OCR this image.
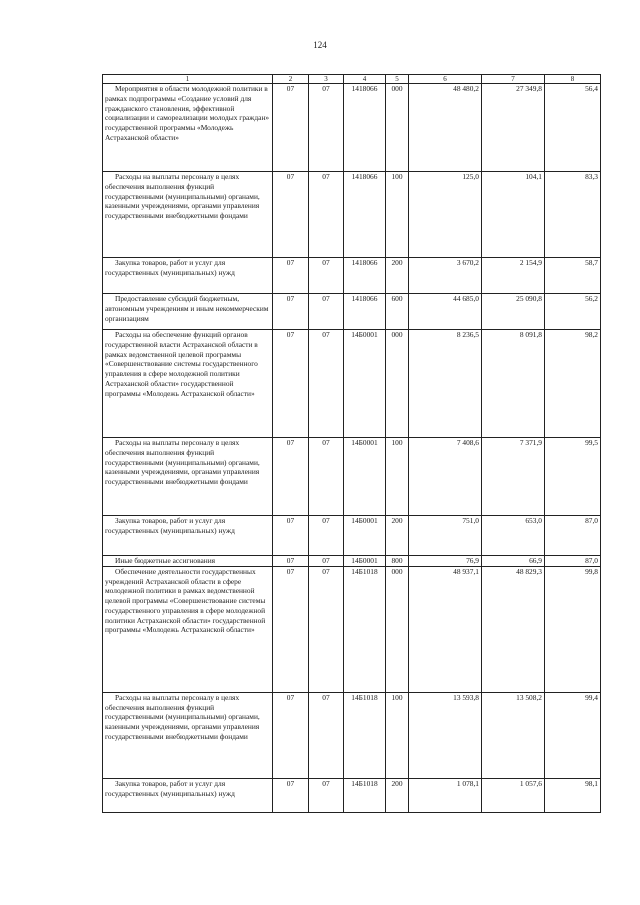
124
1	2	3	4	5	6	7	8
Мероприятия в области молодежной политики в рамках подпрограммы «Создание условий для гражданского становления, эффективной социализации и самореализации молодых граждан» государственной программы «Молодежь Астраханской области»	07	07	1418066	000	48 480,2	27 349,8	56,4
Расходы на выплаты персоналу в целях обеспечения выполнения функций государственными (муниципальными) органами, казенными учреждениями, органами управления государственными внебюджетными фондами	07	07	1418066	100	125,0	104,1	83,3
Закупка товаров, работ и услуг для государственных (муниципальных) нужд	07	07	1418066	200	3 670,2	2 154,9	58,7
Предоставление субсидий бюджетным, автономным учреждениям и иным некоммерческим организациям	07	07	1418066	600	44 685,0	25 090,8	56,2
Расходы на обеспечение функций органов государственной власти Астраханской области в рамках ведомственной целевой программы «Совершенствование системы государственного управления в сфере молодежной политики Астраханской области» государственной программы «Молодежь Астраханской области»	07	07	14Б0001	000	8 236,5	8 091,8	98,2
Расходы на выплаты персоналу в целях обеспечения выполнения функций государственными (муниципальными) органами, казенными учреждениями, органами управления государственными внебюджетными фондами	07	07	14Б0001	100	7 408,6	7 371,9	99,5
Закупка товаров, работ и услуг для государственных (муниципальных) нужд	07	07	14Б0001	200	751,0	653,0	87,0
Иные бюджетные ассигнования	07	07	14Б0001	800	76,9	66,9	87,0
Обеспечение деятельности государственных учреждений Астраханской области в сфере молодежной политики в рамках ведомственной целевой программы «Совершенствование системы государственного управления в сфере молодежной политики Астраханской области» государственной программы «Молодежь Астраханской области»	07	07	14Б1018	000	48 937,1	48 829,3	99,8
Расходы на выплаты персоналу в целях обеспечения выполнения функций государственными (муниципальными) органами, казенными учреждениями, органами управления государственными внебюджетными фондами	07	07	14Б1018	100	13 593,8	13 508,2	99,4
Закупка товаров, работ и услуг для государственных (муниципальных) нужд	07	07	14Б1018	200	1 078,1	1 057,6	98,1
